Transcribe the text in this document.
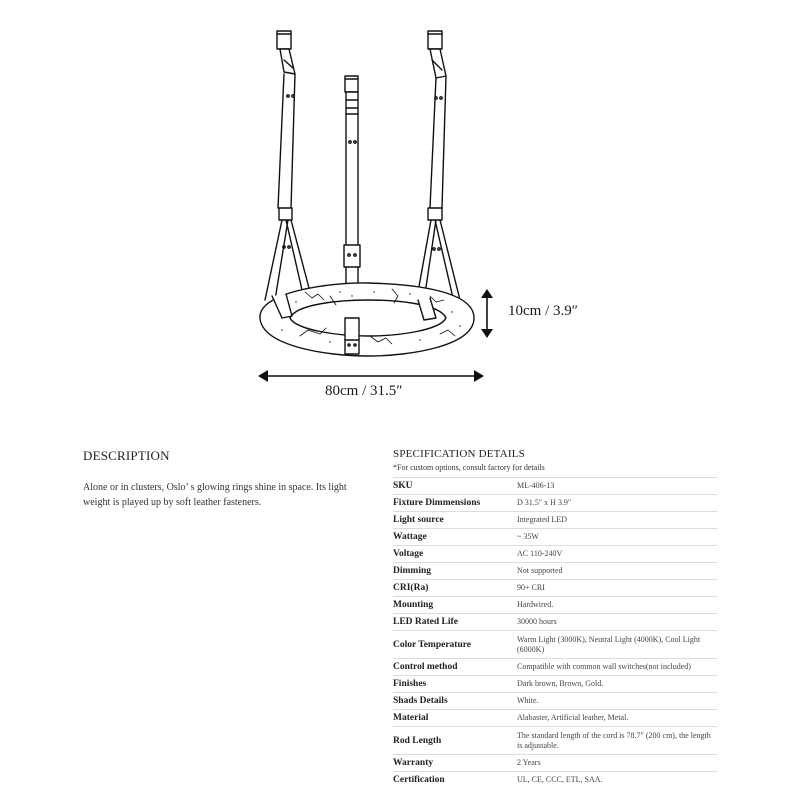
10cm / 3.9″
80cm / 31.5″
DESCRIPTION

Alone or in clusters, Oslo’ s glowing rings shine in space. Its light weight is played up by soft leather fasteners.

SPECIFICATION DETAILS
*For custom options, consult factory for details
SKU	ML-406-13
Fixture Dimmensions	D 31.5″ x H 3.9″
Light source	Integrated LED
Wattage	~ 35W
Voltage	AC 110-240V
Dimming	Not supported
CRI(Ra)	90+ CRI
Mounting	Hardwired.
LED Rated Life	30000 hours
Color Temperature	Warm Light (3000K), Neutral Light (4000K), Cool Light (6000K)
Control method	Compatible with common wall switches(not included)
Finishes	Dark brown, Brown, Gold.
Shads Details	White.
Material	Alabaster, Artificial leather, Metal.
Rod Length	The standard length of the cord is 78.7″ (200 cm), the length is adjustable.
Warranty	2 Years
Certification	UL, CE, CCC, ETL, SAA.
